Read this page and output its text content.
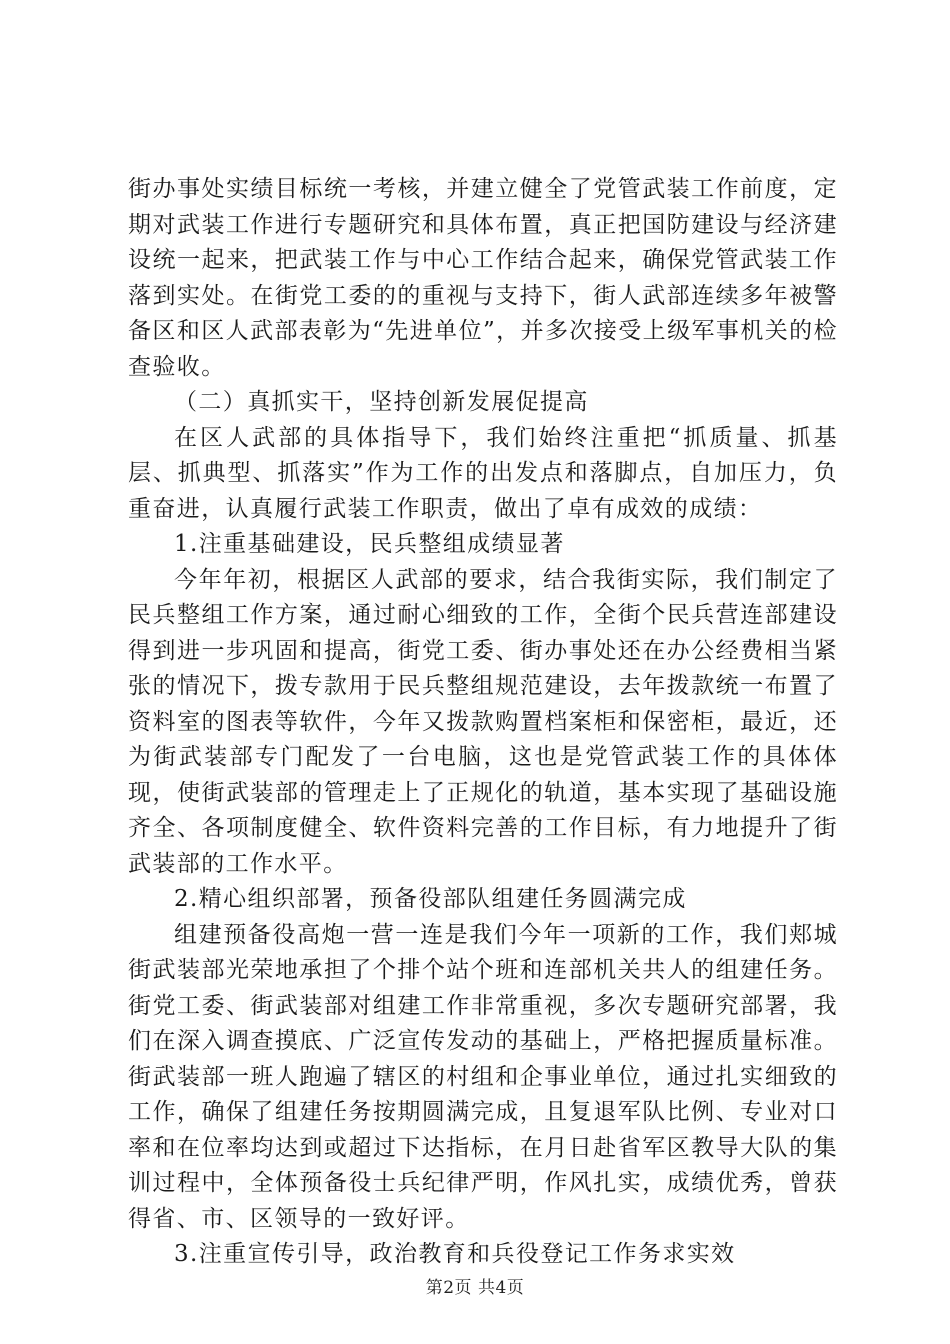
街办事处实绩目标统一考核，并建立健全了党管武装工作前度，定期对武装工作进行专题研究和具体布置，真正把国防建设与经济建设统一起来，把武装工作与中心工作结合起来，确保党管武装工作落到实处。在街党工委的的重视与支持下，街人武部连续多年被警备区和区人武部表彰为“先进单位”，并多次接受上级军事机关的检查验收。

（二）真抓实干，坚持创新发展促提高

在区人武部的具体指导下，我们始终注重把“抓质量、抓基层、抓典型、抓落实”作为工作的出发点和落脚点，自加压力，负重奋进，认真履行武装工作职责，做出了卓有成效的成绩：

1.注重基础建设，民兵整组成绩显著

今年年初，根据区人武部的要求，结合我街实际，我们制定了民兵整组工作方案，通过耐心细致的工作，全街个民兵营连部建设得到进一步巩固和提高，街党工委、街办事处还在办公经费相当紧张的情况下，拨专款用于民兵整组规范建设，去年拨款统一布置了资料室的图表等软件，今年又拨款购置档案柜和保密柜，最近，还为街武装部专门配发了一台电脑，这也是党管武装工作的具体体现，使街武装部的管理走上了正规化的轨道，基本实现了基础设施齐全、各项制度健全、软件资料完善的工作目标，有力地提升了街武装部的工作水平。

2.精心组织部署，预备役部队组建任务圆满完成

组建预备役高炮一营一连是我们今年一项新的工作，我们郏城街武装部光荣地承担了个排个站个班和连部机关共人的组建任务。街党工委、街武装部对组建工作非常重视，多次专题研究部署，我们在深入调查摸底、广泛宣传发动的基础上，严格把握质量标准。街武装部一班人跑遍了辖区的村组和企事业单位，通过扎实细致的工作，确保了组建任务按期圆满完成，且复退军队比例、专业对口率和在位率均达到或超过下达指标，在月日赴省军区教导大队的集训过程中，全体预备役士兵纪律严明，作风扎实，成绩优秀，曾获得省、市、区领导的一致好评。

3.注重宣传引导，政治教育和兵役登记工作务求实效

第2页 共4页
